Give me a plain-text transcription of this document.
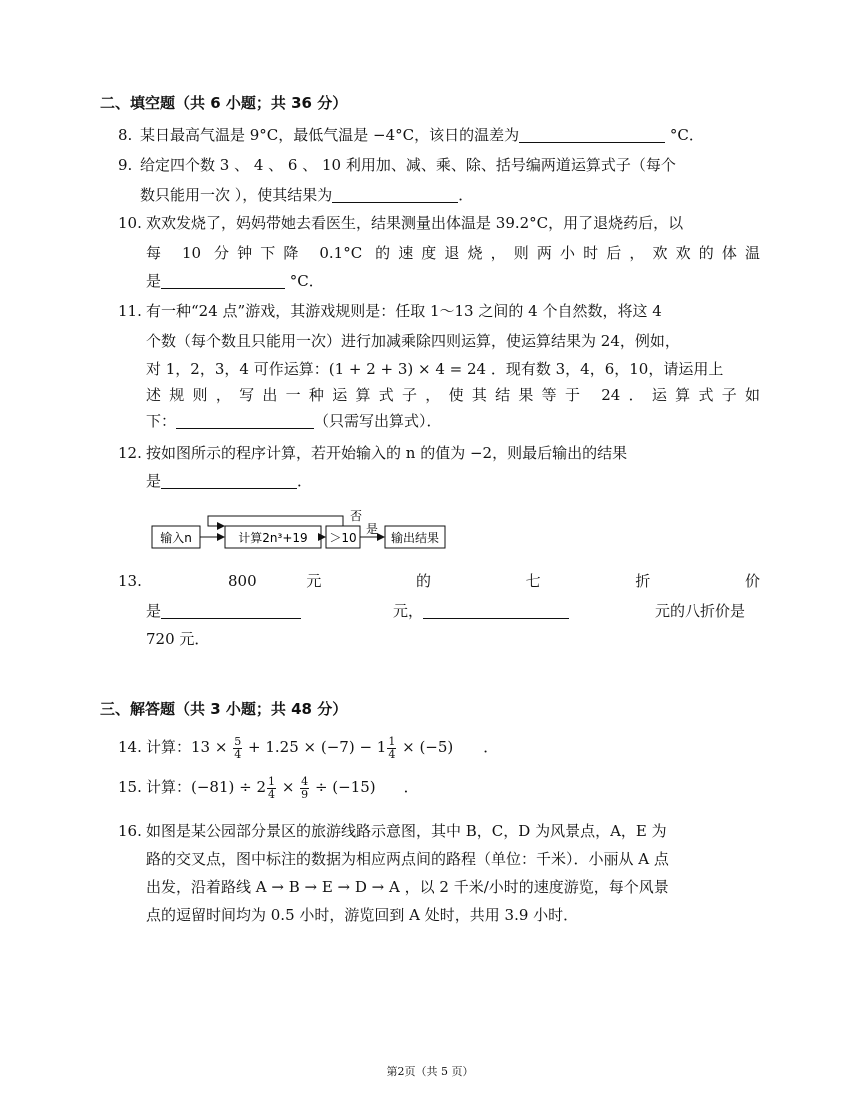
二、填空题（共 6 小题；共 36 分）
8. 某日最高气温是 9°C，最低气温是 −4°C，该日的温差为	°C．
9. 给定四个数 3 、 4 、 6 、 10 利用加、减、乘、除、括号编两道运算式子（每个
数只能用一次 ），使其结果为	．
10. 欢欢发烧了，妈妈带她去看医生，结果测量出体温是 39.2°C，用了退烧药后，以
每 10 分钟下降 0.1°C 的速度退烧，则两小时后，欢欢的体温
是	°C．
11. 有一种“24 点”游戏，其游戏规则是：任取 1～13 之间的 4 个自然数，将这 4
个数（每个数且只能用一次）进行加减乘除四则运算，使运算结果为 24，例如，
对 1，2，3，4 可作运算：(1 + 2 + 3) × 4 = 24 ．现有数 3，4，6，10，请运用上
述规则，写出一种运算式子，使其结果等于 24．运算式子如
下：	（只需写出算式）．
12. 按如图所示的程序计算，若开始输入的 n 的值为 −2，则最后输出的结果
是	．
输入n	计算2n³+19 ＞10
否
是
输出结果
13.	800 元 的 七 折 价
是	元，	元的八折价是
720 元．
三、解答题（共 3 小题；共 48 分）
14. 计算：$13 \times \frac{5}{4} + 1.25 \times (-7) - 1 \frac{1}{4} \times (-5)$ ．
15. 计算：$(-81) \div 2 \frac{1}{4} \times \frac{4}{9} \div (-15)$ ．
16. 如图是某公园部分景区的旅游线路示意图，其中 B，C，D 为风景点，A，E 为
路的交叉点，图中标注的数据为相应两点间的路程（单位：千米）．小丽从 A 点
出发，沿着路线 A → B → E → D → A ，以 2 千米/小时的速度游览，每个风景
点的逗留时间均为 0.5 小时，游览回到 A 处时，共用 3.9 小时．
第2页（共 5 页）
